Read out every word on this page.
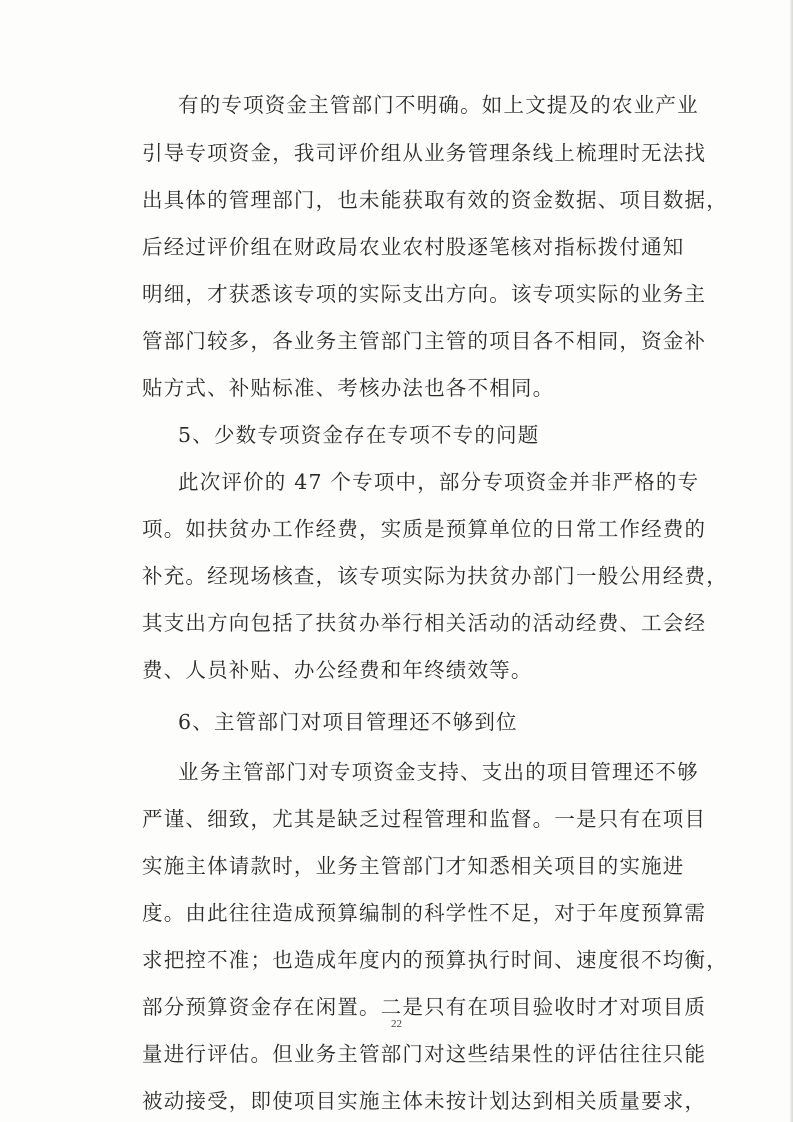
有的专项资金主管部门不明确。如上文提及的农业产业
引导专项资金，我司评价组从业务管理条线上梳理时无法找
出具体的管理部门，也未能获取有效的资金数据、项目数据，
后经过评价组在财政局农业农村股逐笔核对指标拨付通知
明细，才获悉该专项的实际支出方向。该专项实际的业务主
管部门较多，各业务主管部门主管的项目各不相同，资金补
贴方式、补贴标准、考核办法也各不相同。
5、少数专项资金存在专项不专的问题
此次评价的 47 个专项中，部分专项资金并非严格的专
项。如扶贫办工作经费，实质是预算单位的日常工作经费的
补充。经现场核查，该专项实际为扶贫办部门一般公用经费，
其支出方向包括了扶贫办举行相关活动的活动经费、工会经
费、人员补贴、办公经费和年终绩效等。
6、主管部门对项目管理还不够到位
业务主管部门对专项资金支持、支出的项目管理还不够
严谨、细致，尤其是缺乏过程管理和监督。一是只有在项目
实施主体请款时，业务主管部门才知悉相关项目的实施进
度。由此往往造成预算编制的科学性不足，对于年度预算需
求把控不准；也造成年度内的预算执行时间、速度很不均衡，
部分预算资金存在闲置。二是只有在项目验收时才对项目质
量进行评估。但业务主管部门对这些结果性的评估往往只能
被动接受，即使项目实施主体未按计划达到相关质量要求，
22
